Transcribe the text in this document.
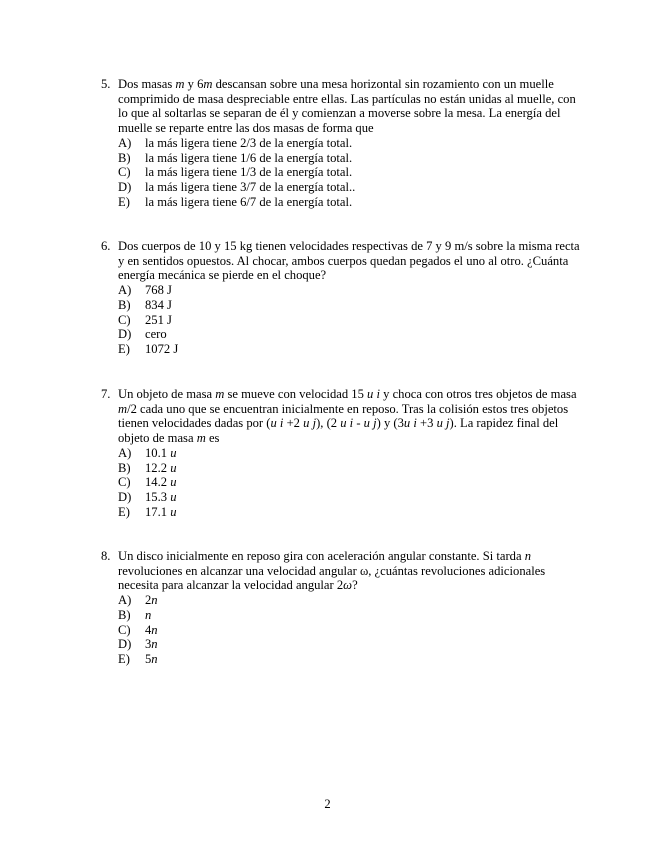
5. Dos masas m y 6m descansan sobre una mesa horizontal sin rozamiento con un muelle comprimido de masa despreciable entre ellas. Las partículas no están unidas al muelle, con lo que al soltarlas se separan de él y comienzan a moverse sobre la mesa. La energía del muelle se reparte entre las dos masas de forma que
A)	la más ligera tiene 2/3 de la energía total.
B)	la más ligera tiene 1/6 de la energía total.
C)	la más ligera tiene 1/3 de la energía total.
D)	la más ligera tiene 3/7 de la energía total..
E)	la más ligera tiene 6/7 de la energía total.
6. Dos cuerpos de 10 y 15 kg tienen velocidades respectivas de 7 y 9 m/s sobre la misma recta y en sentidos opuestos. Al chocar, ambos cuerpos quedan pegados el uno al otro. ¿Cuánta energía mecánica se pierde en el choque?
A)	768 J
B)	834 J
C)	251 J
D)	cero
E)	1072 J
7. Un objeto de masa m se mueve con velocidad 15 u i y choca con otros tres objetos de masa m/2 cada uno que se encuentran inicialmente en reposo. Tras la colisión estos tres objetos tienen velocidades dadas por (u i +2 u j), (2 u i - u j) y (3u i +3 u j). La rapidez final del objeto de masa m es
A)	10.1 u
B)	12.2 u
C)	14.2 u
D)	15.3 u
E)	17.1 u
8. Un disco inicialmente en reposo gira con aceleración angular constante. Si tarda n revoluciones en alcanzar una velocidad angular ω, ¿cuántas revoluciones adicionales necesita para alcanzar la velocidad angular 2ω?
A)	2n
B)	n
C)	4n
D)	3n
E)	5n
2
